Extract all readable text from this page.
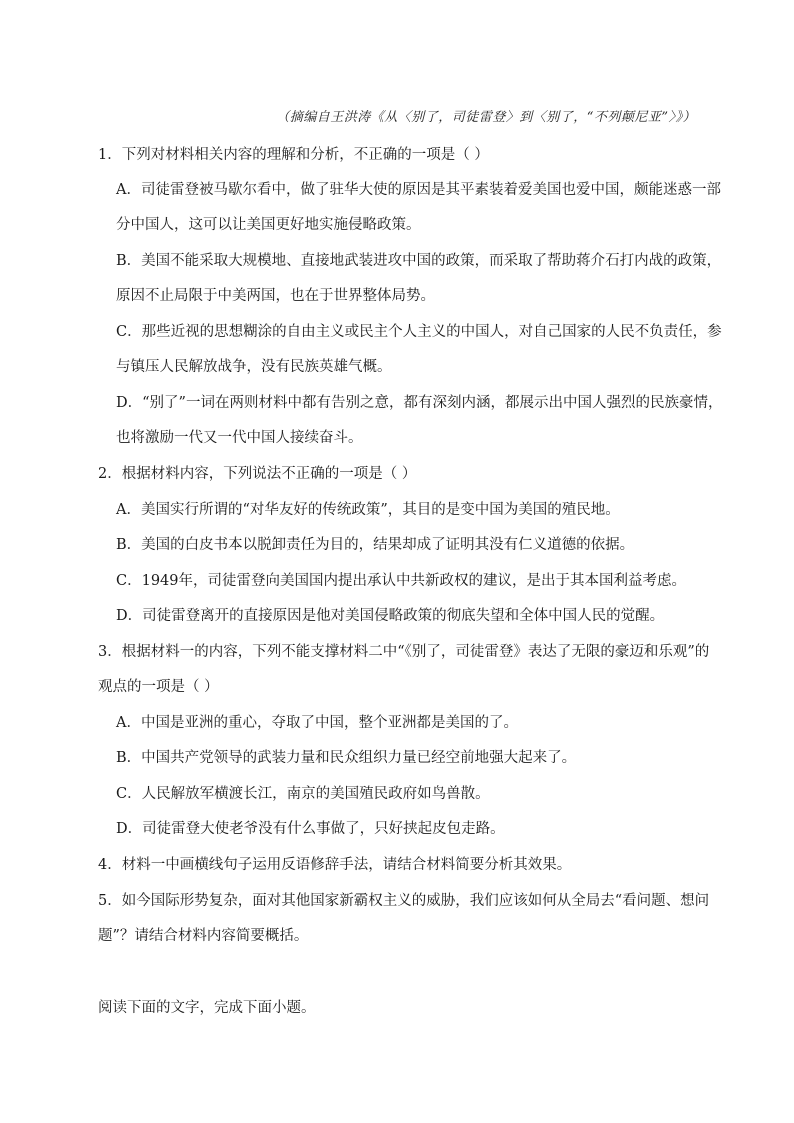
（摘编自王洪涛《从〈别了，司徒雷登〉到〈别了，“不列颠尼亚”〉》）
1．下列对材料相关内容的理解和分析，不正确的一项是（ ）
A．司徒雷登被马歇尔看中，做了驻华大使的原因是其平素装着爱美国也爱中国，颇能迷惑一部
分中国人，这可以让美国更好地实施侵略政策。
B．美国不能采取大规模地、直接地武装进攻中国的政策，而采取了帮助蒋介石打内战的政策，
原因不止局限于中美两国，也在于世界整体局势。
C．那些近视的思想糊涂的自由主义或民主个人主义的中国人，对自己国家的人民不负责任，参
与镇压人民解放战争，没有民族英雄气概。
D．“别了”一词在两则材料中都有告别之意，都有深刻内涵，都展示出中国人强烈的民族豪情，
也将激励一代又一代中国人接续奋斗。
2．根据材料内容，下列说法不正确的一项是（ ）
A．美国实行所谓的“对华友好的传统政策”，其目的是变中国为美国的殖民地。
B．美国的白皮书本以脱卸责任为目的，结果却成了证明其没有仁义道德的依据。
C．1949年，司徒雷登向美国国内提出承认中共新政权的建议，是出于其本国利益考虑。
D．司徒雷登离开的直接原因是他对美国侵略政策的彻底失望和全体中国人民的觉醒。
3．根据材料一的内容，下列不能支撑材料二中“《别了，司徒雷登》表达了无限的豪迈和乐观”的
观点的一项是（ ）
A．中国是亚洲的重心，夺取了中国，整个亚洲都是美国的了。
B．中国共产党领导的武装力量和民众组织力量已经空前地强大起来了。
C．人民解放军横渡长江，南京的美国殖民政府如鸟兽散。
D．司徒雷登大使老爷没有什么事做了，只好挟起皮包走路。
4．材料一中画横线句子运用反语修辞手法，请结合材料简要分析其效果。
5．如今国际形势复杂，面对其他国家新霸权主义的威胁，我们应该如何从全局去“看问题、想问
题”？请结合材料内容简要概括。
阅读下面的文字，完成下面小题。
